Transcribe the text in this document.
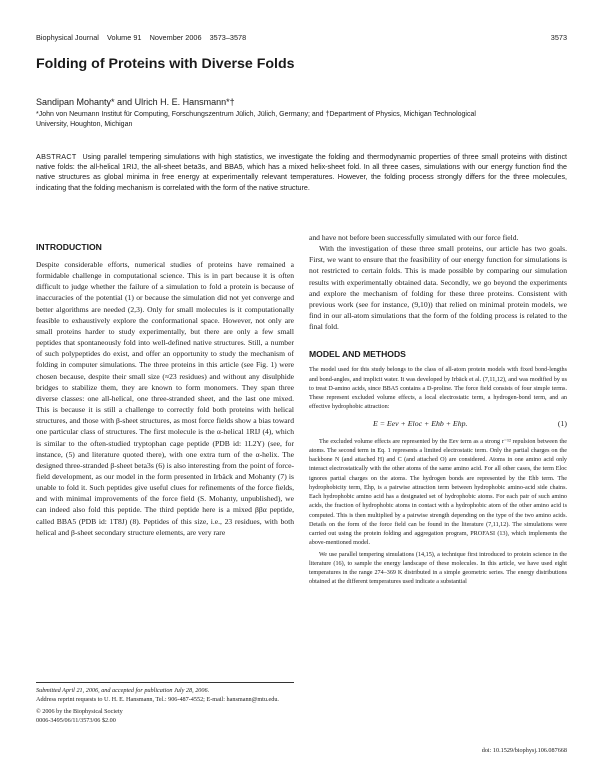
Biophysical Journal Volume 91 November 2006 3573–3578	3573
Folding of Proteins with Diverse Folds
Sandipan Mohanty* and Ulrich H. E. Hansmann*†
*John von Neumann Institut für Computing, Forschungszentrum Jülich, Jülich, Germany; and †Department of Physics, Michigan Technological University, Houghton, Michigan

ABSTRACT Using parallel tempering simulations with high statistics, we investigate the folding and thermodynamic properties of three small proteins with distinct native folds: the all-helical 1RIJ, the all-sheet beta3s, and BBA5, which has a mixed helix-sheet fold. In all three cases, simulations with our energy function find the native structures as global minima in free energy at experimentally relevant temperatures. However, the folding process strongly differs for the three molecules, indicating that the folding mechanism is correlated with the form of the native structure.

INTRODUCTION

Despite considerable efforts, numerical studies of proteins have remained a formidable challenge in computational science. This is in part because it is often difficult to judge whether the failure of a simulation to fold a protein is because of inaccuracies of the potential (1) or because the simulation did not yet converge and better algorithms are needed (2,3). Only for small molecules is it computationally feasible to exhaustively explore the conformational space. However, not only are small proteins harder to study experimentally, but there are only a few small peptides that spontaneously fold into well-defined native structures. Still, a number of such polypeptides do exist, and offer an opportunity to study the mechanism of folding in computer simulations. The three proteins in this article (see Fig. 1) were chosen because, despite their small size (≈23 residues) and without any disulphide bridges to stabilize them, they are known to form monomers. They span three diverse classes: one all-helical, one three-stranded sheet, and the last one mixed. This is because it is still a challenge to correctly fold both proteins with helical structures, and those with β-sheet structures, as most force fields show a bias toward one particular class of structures. The first molecule is the α-helical 1RIJ (4), which is similar to the often-studied tryptophan cage peptide (PDB id: 1L2Y) (see, for instance, (5) and literature quoted there), with one extra turn of the α-helix. The designed three-stranded β-sheet beta3s (6) is also interesting from the point of force-field development, as our model in the form presented in Irbäck and Mohanty (7) is unable to fold it. Such peptides give useful clues for refinements of the force fields, and with minimal improvements of the force field (S. Mohanty, unpublished), we can indeed also fold this peptide. The third peptide here is a mixed ββα peptide, called BBA5 (PDB id: 1T8J) (8). Peptides of this size, i.e., 23 residues, with both helical and β-sheet secondary structure elements, are very rare

and have not before been successfully simulated with our force field.

With the investigation of these three small proteins, our article has two goals. First, we want to ensure that the feasibility of our energy function for simulations is not restricted to certain folds. This is made possible by comparing our simulation results with experimentally obtained data. Secondly, we go beyond the experiments and explore the mechanism of folding for these three proteins. Consistent with previous work (see for instance, (9,10)) that relied on minimal protein models, we find in our all-atom simulations that the form of the folding process is related to the final fold.

MODEL AND METHODS

The model used for this study belongs to the class of all-atom protein models with fixed bond-lengths and bond-angles, and implicit water. It was developed by Irbäck et al. (7,11,12), and was modified by us to treat D-amino acids, since BBA5 contains a D-proline. The force field consists of four simple terms. These represent excluded volume effects, a local electrostatic term, a hydrogen-bond term, and an effective hydrophobic attraction:

E = Eev + Eloc + Ehb + Ehp.	(1)

The excluded volume effects are represented by the Eev term as a strong r⁻¹² repulsion between the atoms. The second term in Eq. 1 represents a limited electrostatic term. Only the partial charges on the backbone N (and attached H) and C (and attached O) are considered. Atoms in one amino acid only interact electrostatically with the other atoms of the same amino acid. For all other cases, the term Eloc ignores partial charges on the atoms. The hydrogen bonds are represented by the Ehb term. The hydrophobicity term, Ehp, is a pairwise attraction term between hydrophobic amino-acid side chains. Each hydrophobic amino acid has a designated set of hydrophobic atoms. For each pair of such amino acids, the fraction of hydrophobic atoms in contact with a hydrophobic atom of the other amino acid is computed. This is then multiplied by a pairwise strength depending on the type of the two amino acids. Details on the form of the force field can be found in the literature (7,11,12). The simulations were carried out using the protein folding and aggregation program, PROFASI (13), which implements the above-mentioned model.

We use parallel tempering simulations (14,15), a technique first introduced to protein science in the literature (16), to sample the energy landscape of these molecules. In this article, we have used eight temperatures in the range 274–369 K distributed in a simple geometric series. The energy distributions obtained at the different temperatures used indicate a substantial

Submitted April 21, 2006, and accepted for publication July 28, 2006.

Address reprint requests to U. H. E. Hansmann, Tel.: 906-487-4552; E-mail: hansmann@mtu.edu.

© 2006 by the Biophysical Society

0006-3495/06/11/3573/06 $2.00

doi: 10.1529/biophysj.106.087668
